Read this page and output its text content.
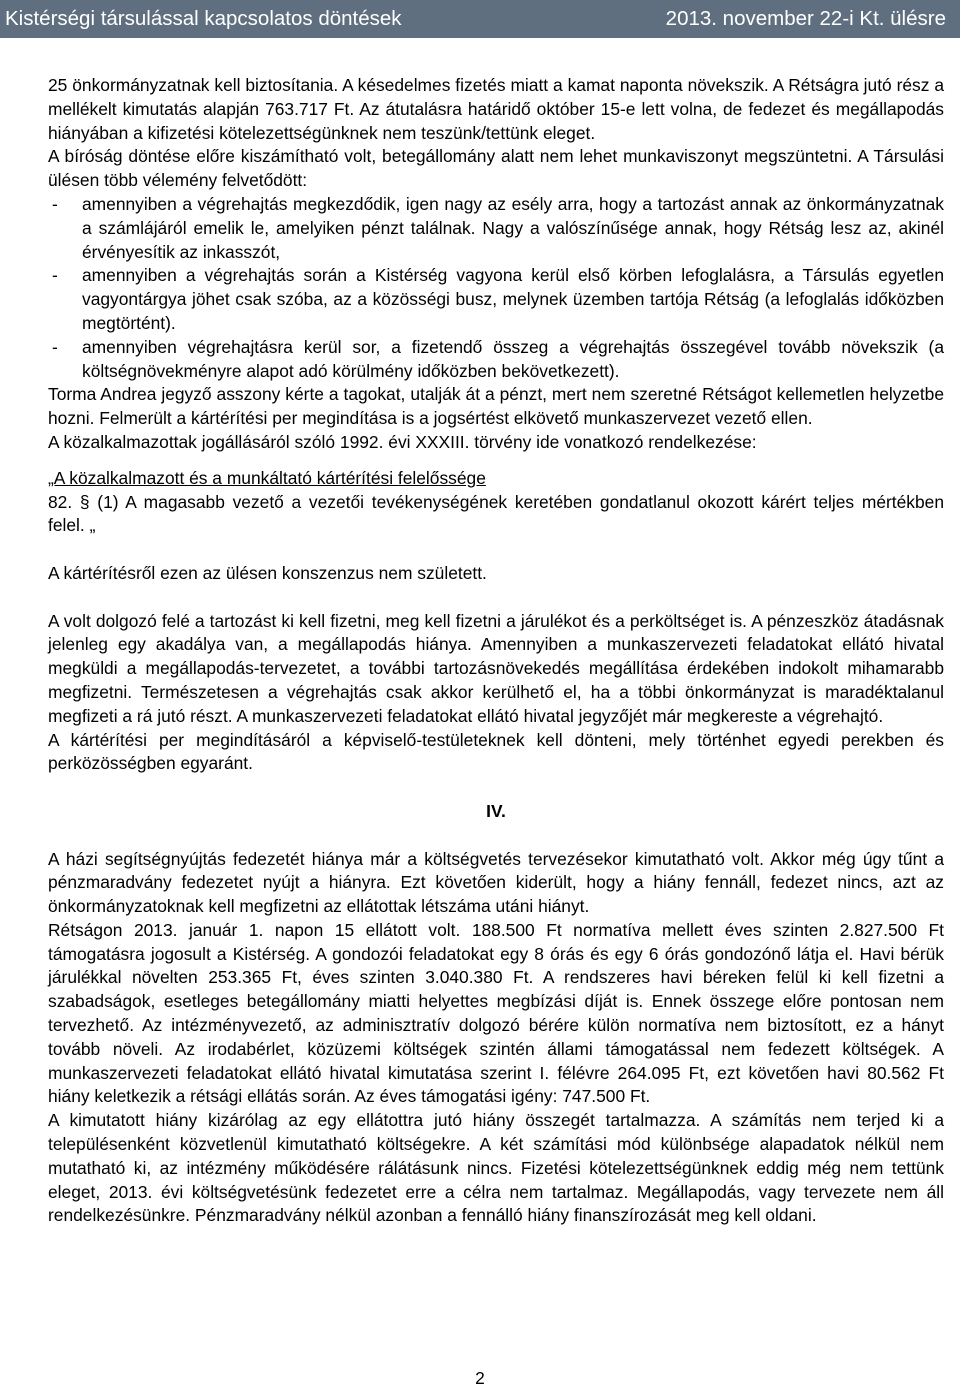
Kistérségi társulással kapcsolatos döntések	2013. november 22-i Kt. ülésre

25 önkormányzatnak kell biztosítania. A késedelmes fizetés miatt a kamat naponta növekszik. A Rétságra jutó rész a mellékelt kimutatás alapján 763.717 Ft. Az átutalásra határidő október 15-e lett volna, de fedezet és megállapodás hiányában a kifizetési kötelezettségünknek nem teszünk/tettünk eleget.

A bíróság döntése előre kiszámítható volt, betegállomány alatt nem lehet munkaviszonyt megszüntetni. A Társulási ülésen több vélemény felvetődött:

- amennyiben a végrehajtás megkezdődik, igen nagy az esély arra, hogy a tartozást annak az önkormányzatnak a számlájáról emelik le, amelyiken pénzt találnak. Nagy a valószínűsége annak, hogy Rétság lesz az, akinél érvényesítik az inkasszót,
- amennyiben a végrehajtás során a Kistérség vagyona kerül első körben lefoglalásra, a Társulás egyetlen vagyontárgya jöhet csak szóba, az a közösségi busz, melynek üzemben tartója Rétság (a lefoglalás időközben megtörtént).
- amennyiben végrehajtásra kerül sor, a fizetendő összeg a végrehajtás összegével tovább növekszik (a költségnövekményre alapot adó körülmény időközben bekövetkezett).

Torma Andrea jegyző asszony kérte a tagokat, utalják át a pénzt, mert nem szeretné Rétságot kellemetlen helyzetbe hozni. Felmerült a kártérítési per megindítása is a jogsértést elkövető munkaszervezet vezető ellen.

A közalkalmazottak jogállásáról szóló 1992. évi XXXIII. törvény ide vonatkozó rendelkezése:

„A közalkalmazott és a munkáltató kártérítési felelőssége

82. § (1) A magasabb vezető a vezetői tevékenységének keretében gondatlanul okozott kárért teljes mértékben felel. „

A kártérítésről ezen az ülésen konszenzus nem született.

A volt dolgozó felé a tartozást ki kell fizetni, meg kell fizetni a járulékot és a perköltséget is. A pénzeszköz átadásnak jelenleg egy akadálya van, a megállapodás hiánya. Amennyiben a munkaszervezeti feladatokat ellátó hivatal megküldi a megállapodás-tervezetet, a további tartozásnövekedés megállítása érdekében indokolt mihamarabb megfizetni. Természetesen a végrehajtás csak akkor kerülhető el, ha a többi önkormányzat is maradéktalanul megfizeti a rá jutó részt. A munkaszervezeti feladatokat ellátó hivatal jegyzőjét már megkereste a végrehajtó.

A kártérítési per megindításáról a képviselő-testületeknek kell dönteni, mely történhet egyedi perekben és perközösségben egyaránt.

IV.

A házi segítségnyújtás fedezetét hiánya már a költségvetés tervezésekor kimutatható volt. Akkor még úgy tűnt a pénzmaradvány fedezetet nyújt a hiányra. Ezt követően kiderült, hogy a hiány fennáll, fedezet nincs, azt az önkormányzatoknak kell megfizetni az ellátottak létszáma utáni hiányt.

Rétságon 2013. január 1. napon 15 ellátott volt. 188.500 Ft normatíva mellett éves szinten 2.827.500 Ft támogatásra jogosult a Kistérség. A gondozói feladatokat egy 8 órás és egy 6 órás gondozónő látja el. Havi bérük járulékkal növelten 253.365 Ft, éves szinten 3.040.380 Ft. A rendszeres havi béreken felül ki kell fizetni a szabadságok, esetleges betegállomány miatti helyettes megbízási díját is. Ennek összege előre pontosan nem tervezhető. Az intézményvezető, az adminisztratív dolgozó bérére külön normatíva nem biztosított, ez a hányt tovább növeli. Az irodabérlet, közüzemi költségek szintén állami támogatással nem fedezett költségek. A munkaszervezeti feladatokat ellátó hivatal kimutatása szerint I. félévre 264.095 Ft, ezt követően havi 80.562 Ft hiány keletkezik a rétsági ellátás során. Az éves támogatási igény: 747.500 Ft.

A kimutatott hiány kizárólag az egy ellátottra jutó hiány összegét tartalmazza. A számítás nem terjed ki a településenként közvetlenül kimutatható költségekre. A két számítási mód különbsége alapadatok nélkül nem mutatható ki, az intézmény működésére rálátásunk nincs. Fizetési kötelezettségünknek eddig még nem tettünk eleget, 2013. évi költségvetésünk fedezetet erre a célra nem tartalmaz. Megállapodás, vagy tervezete nem áll rendelkezésünkre. Pénzmaradvány nélkül azonban a fennálló hiány finanszírozását meg kell oldani.

2
